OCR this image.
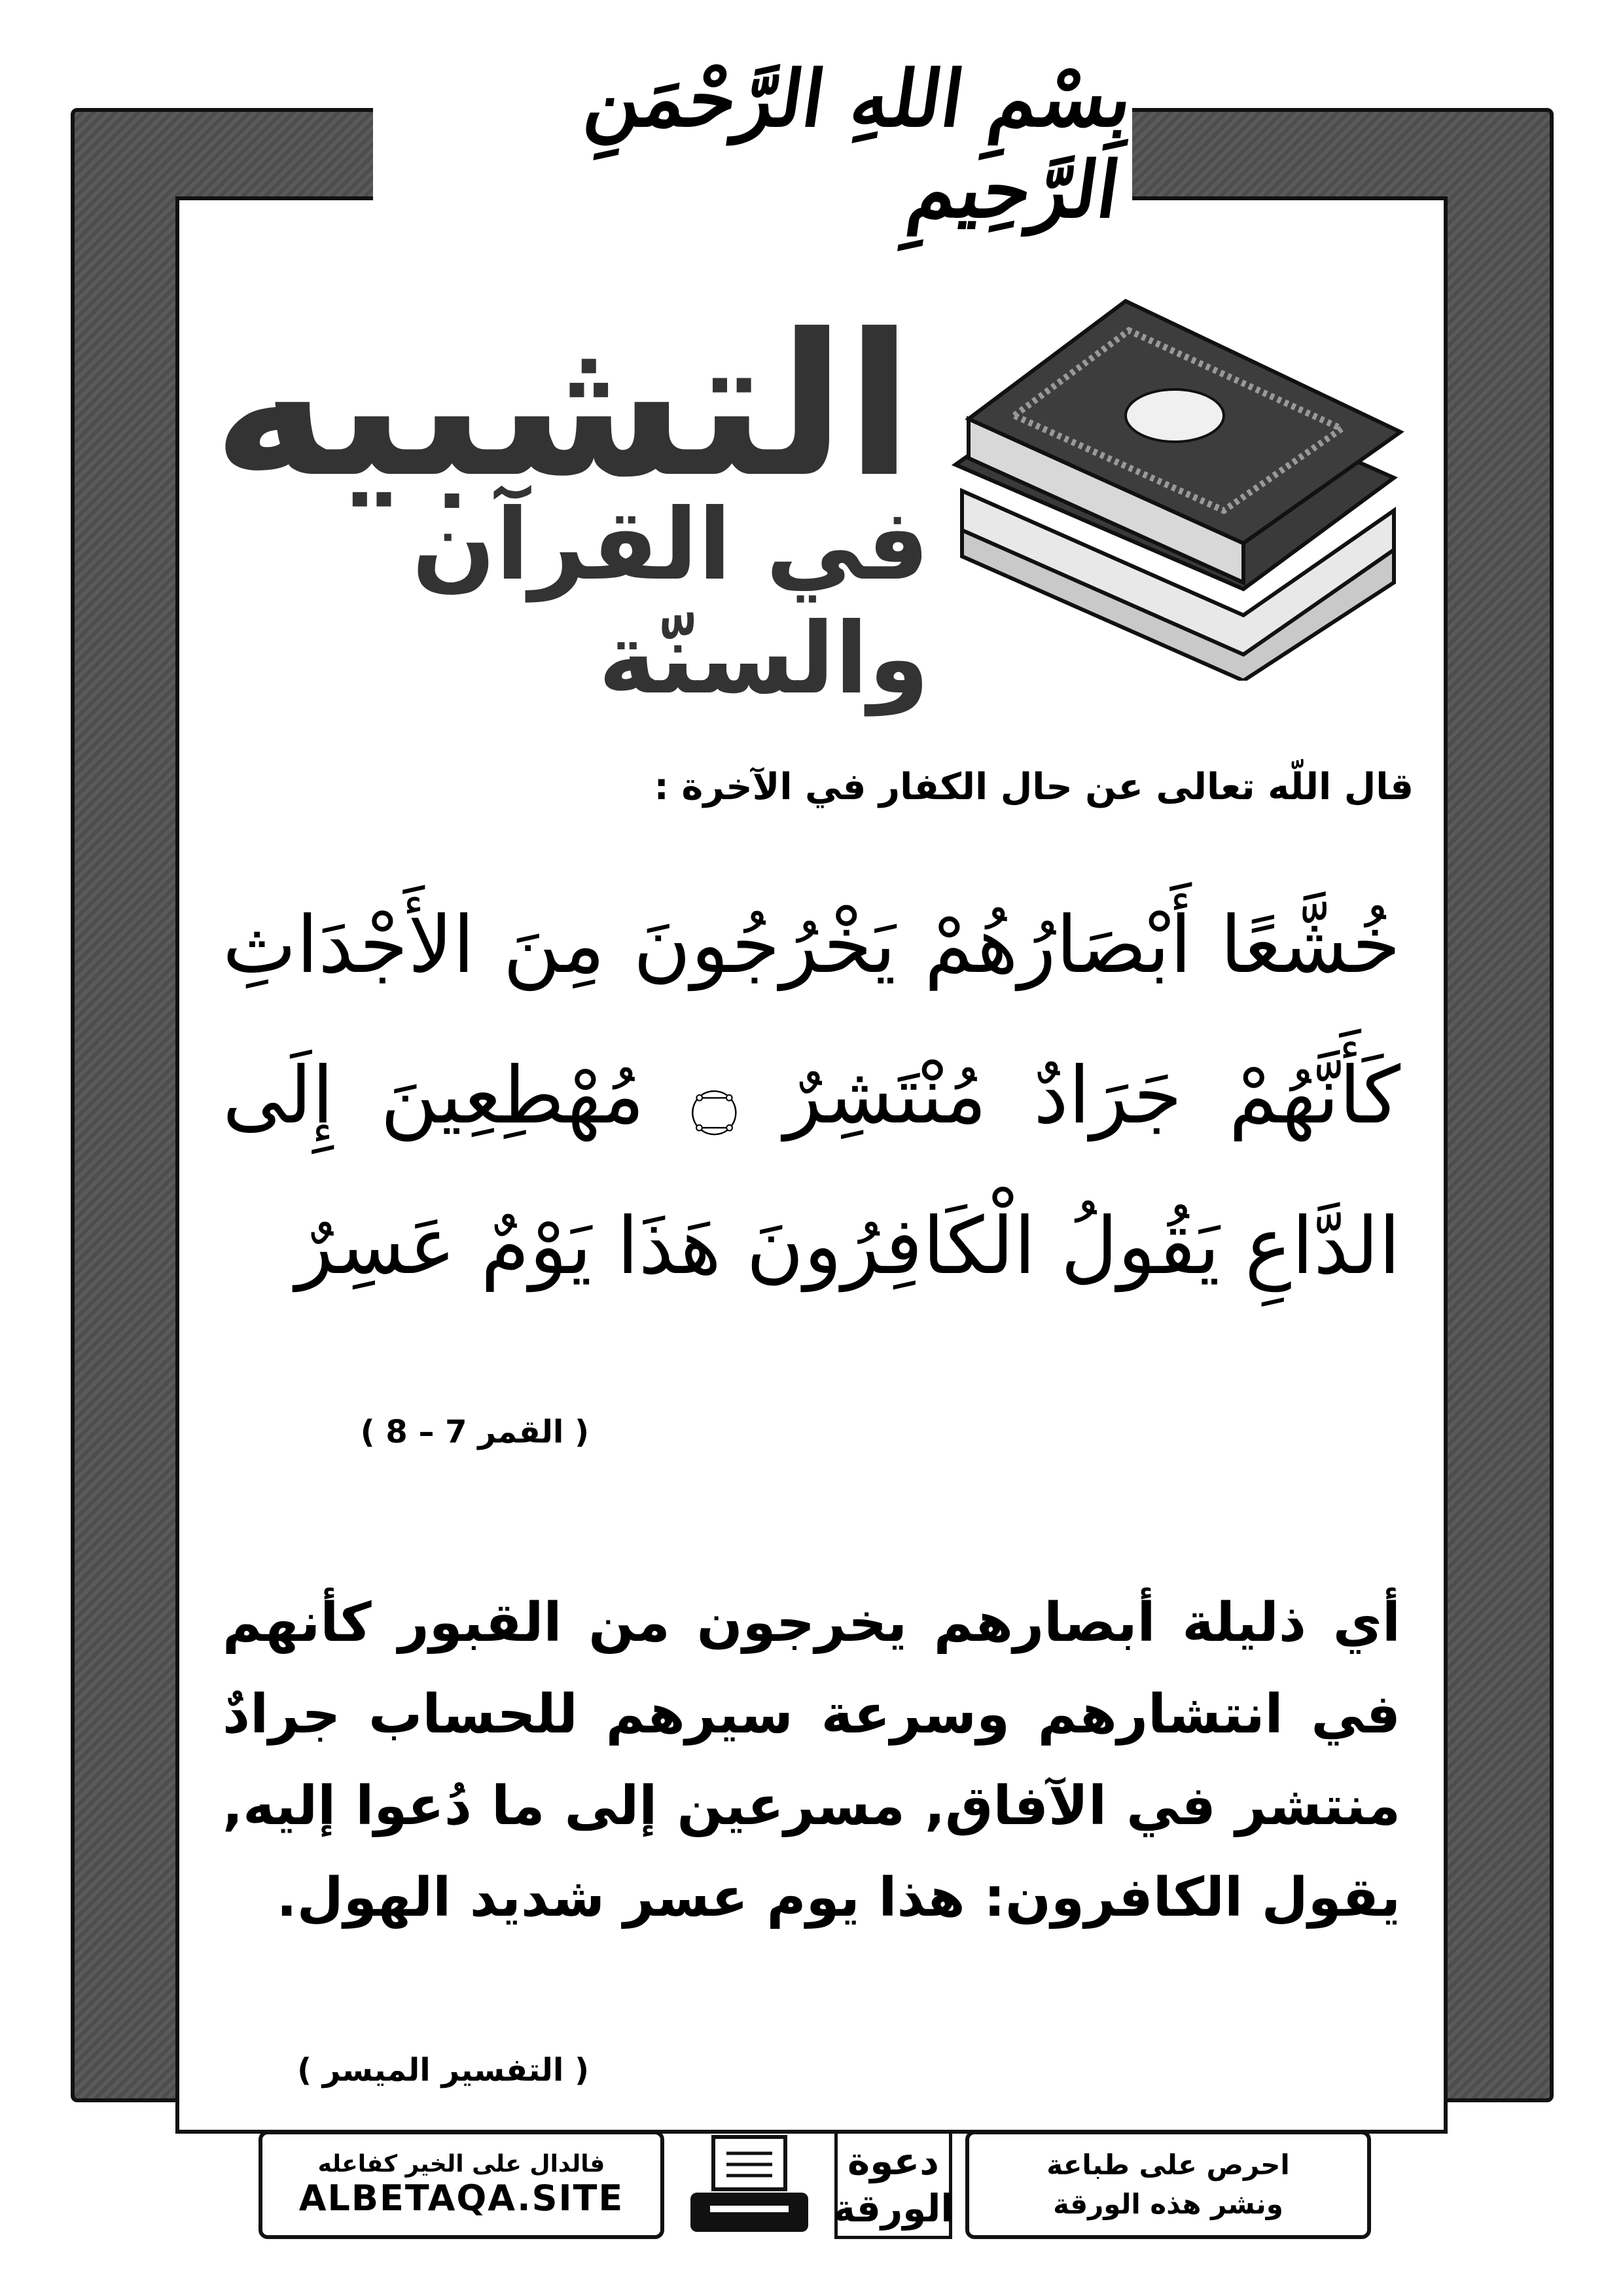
بِسْمِ اللهِ الرَّحْمَنِ الرَّحِيمِ
التشبيه
في القرآن والسنّة
قال اللّه تعالى عن حال الكفار في الآخرة :
خُشَّعًا أَبْصَارُهُمْ يَخْرُجُونَ مِنَ الأَجْدَاثِ كَأَنَّهُمْ جَرَادٌ مُنْتَشِرٌ ۝ مُهْطِعِينَ إِلَى الدَّاعِ يَقُولُ الْكَافِرُونَ هَذَا يَوْمٌ عَسِرٌ
( القمر 7 – 8 )
أي ذليلة أبصارهم يخرجون من القبور كأنهم في انتشارهم وسرعة سيرهم للحساب جرادٌ منتشر في الآفاق, مسرعين إلى ما دُعوا إليه, يقول الكافرون: هذا يوم عسر شديد الهول.
( التفسير الميسر )
فالدال على الخير كفاعله
ALBETAQA.SITE
دعوة
الورقة
احرص على طباعة
ونشر هذه الورقة
